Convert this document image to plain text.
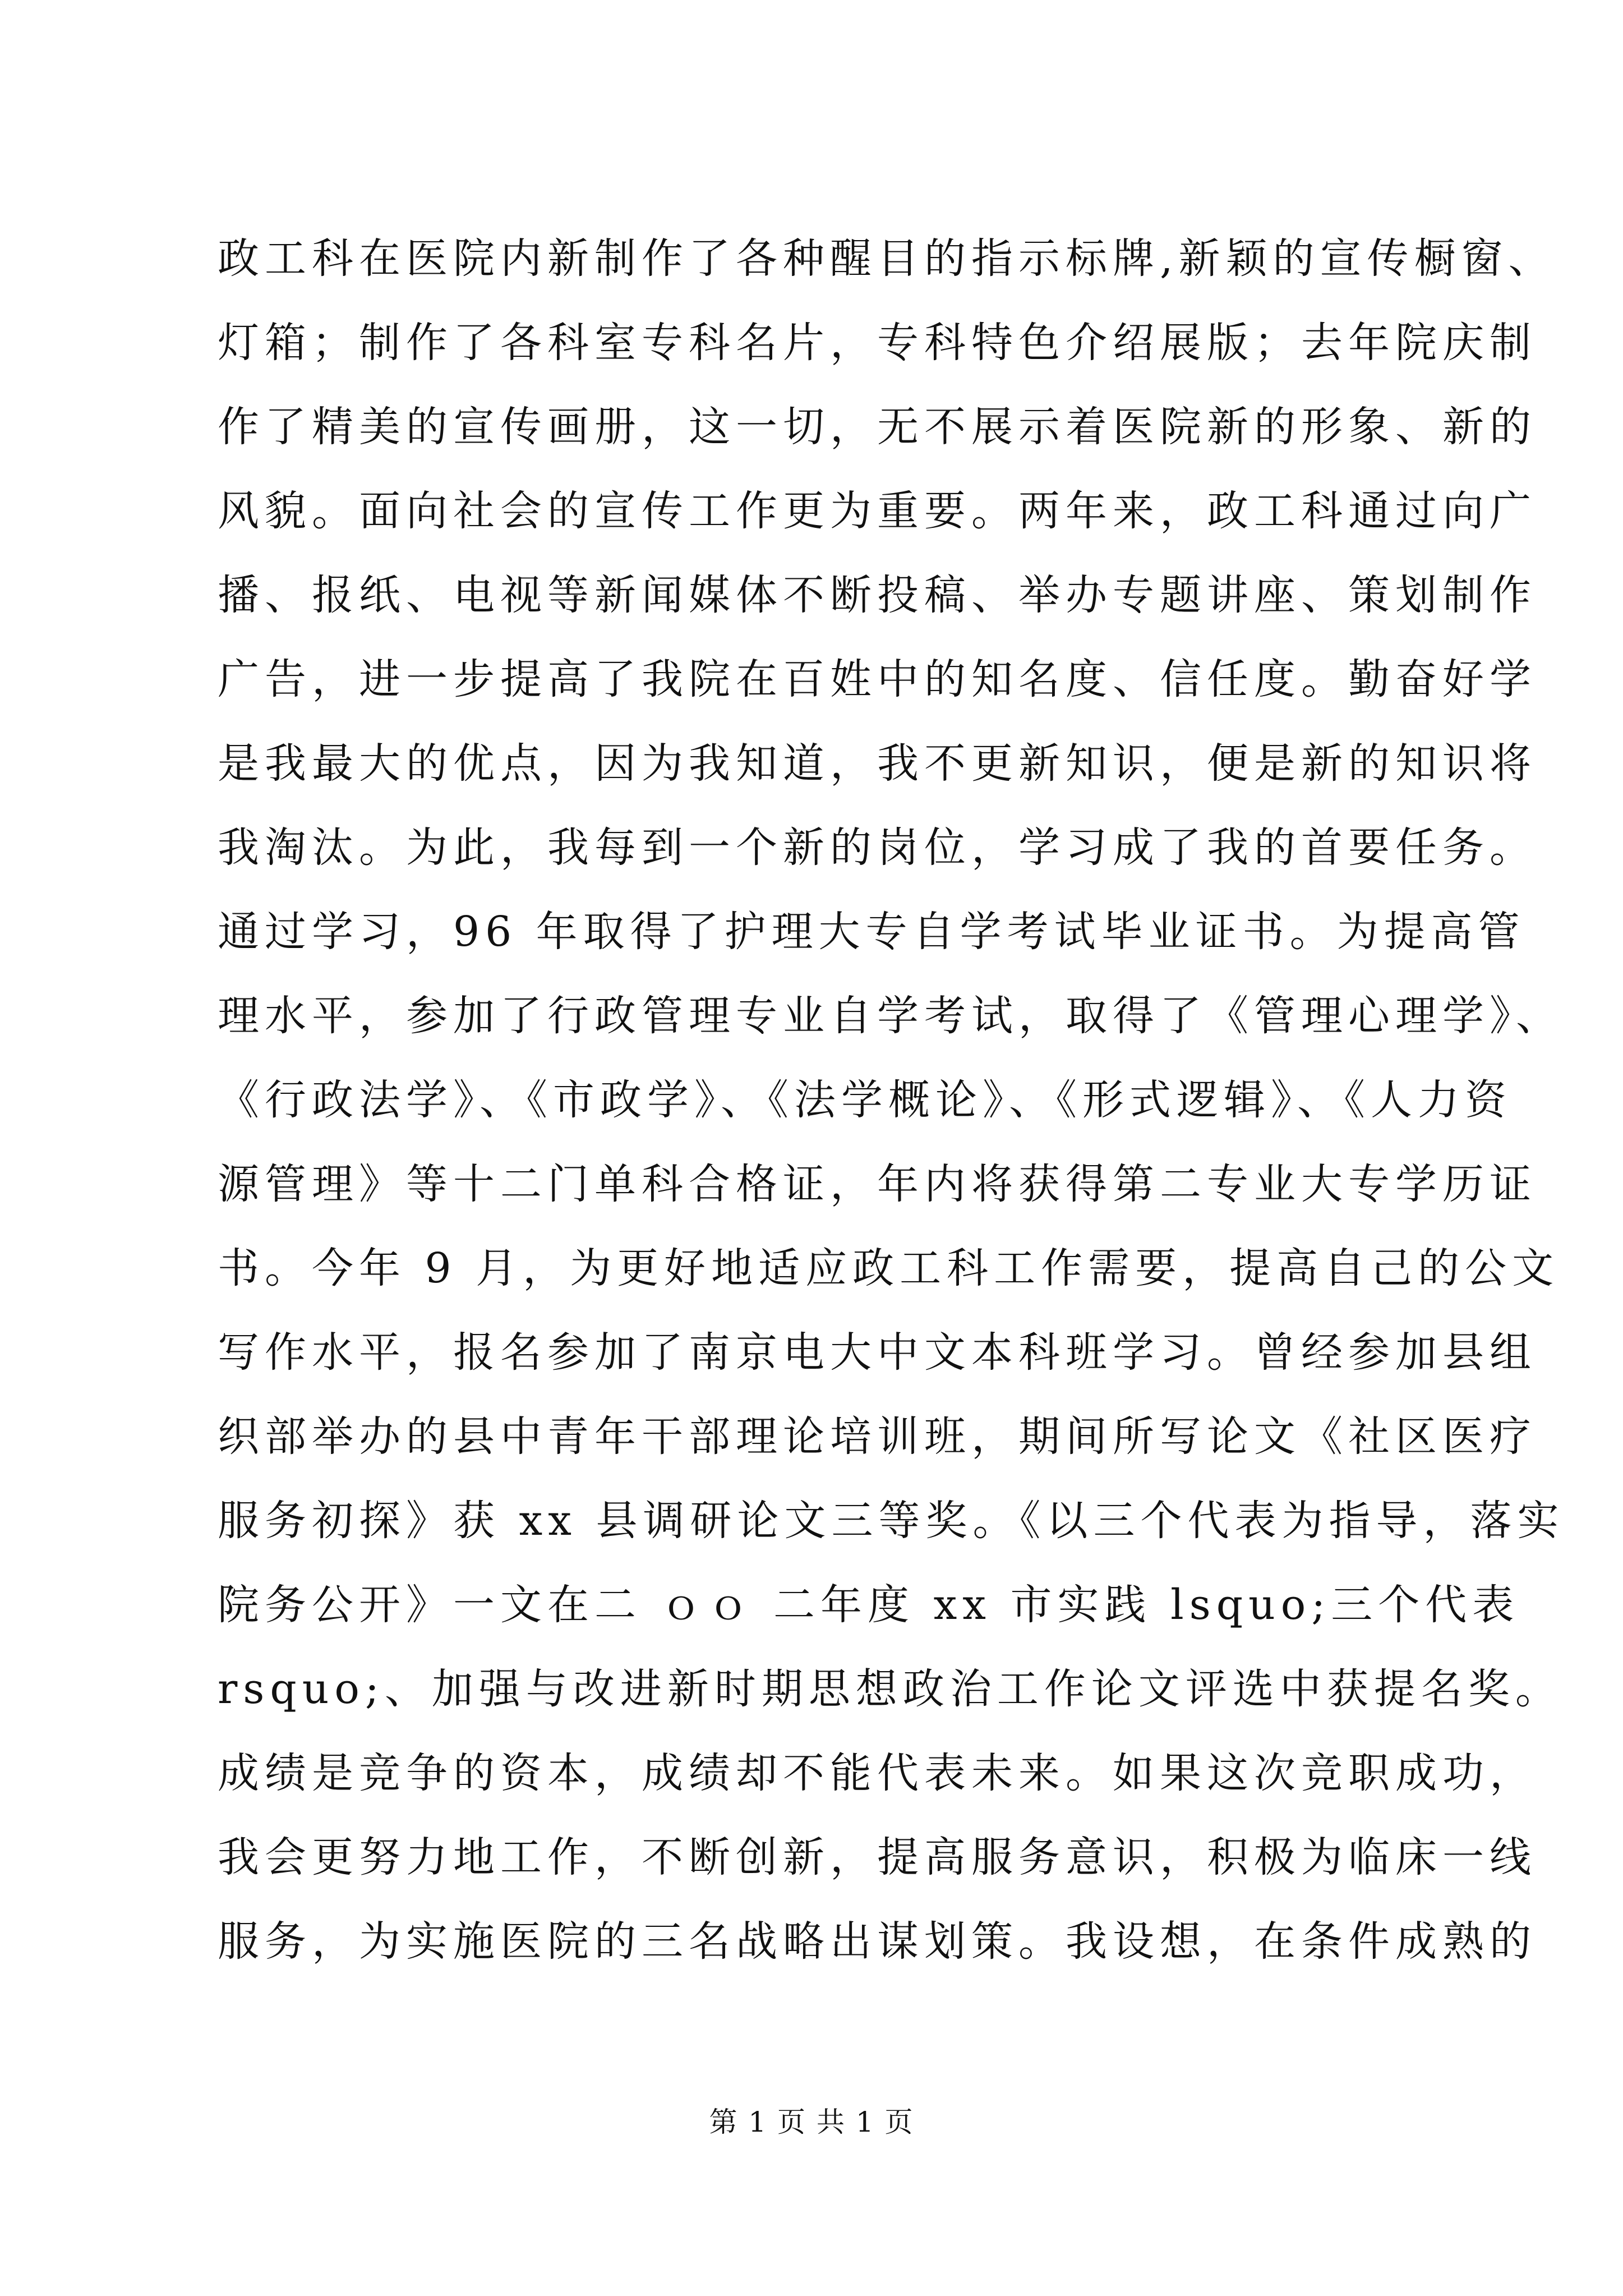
政工科在医院内新制作了各种醒目的指示标牌,新颖的宣传橱窗、
灯箱；制作了各科室专科名片，专科特色介绍展版；去年院庆制
作了精美的宣传画册，这一切，无不展示着医院新的形象、新的
风貌。面向社会的宣传工作更为重要。两年来，政工科通过向广
播、报纸、电视等新闻媒体不断投稿、举办专题讲座、策划制作
广告，进一步提高了我院在百姓中的知名度、信任度。勤奋好学
是我最大的优点，因为我知道，我不更新知识，便是新的知识将
我淘汰。为此，我每到一个新的岗位，学习成了我的首要任务。
通过学习，96 年取得了护理大专自学考试毕业证书。为提高管
理水平，参加了行政管理专业自学考试，取得了《管理心理学》、
《行政法学》、《市政学》、《法学概论》、《形式逻辑》、《人力资
源管理》等十二门单科合格证，年内将获得第二专业大专学历证
书。今年 9 月，为更好地适应政工科工作需要，提高自己的公文
写作水平，报名参加了南京电大中文本科班学习。曾经参加县组
织部举办的县中青年干部理论培训班，期间所写论文《社区医疗
服务初探》获 xx 县调研论文三等奖。《以三个代表为指导，落实
院务公开》一文在二 ｏｏ 二年度 xx 市实践 lsquo;三个代表
rsquo;、加强与改进新时期思想政治工作论文评选中获提名奖。
成绩是竞争的资本，成绩却不能代表未来。如果这次竞职成功，
我会更努力地工作，不断创新，提高服务意识，积极为临床一线
服务，为实施医院的三名战略出谋划策。我设想，在条件成熟的
第 1 页 共 1 页
